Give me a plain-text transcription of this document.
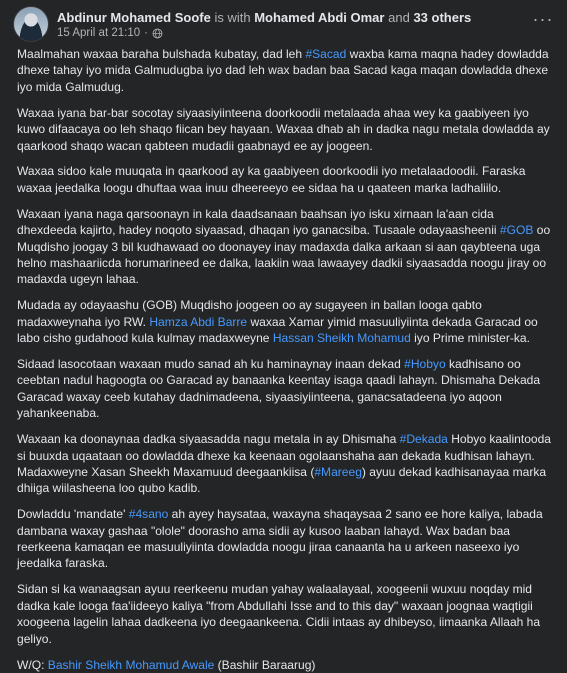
Abdinur Mohamed Soofe is with Mohamed Abdi Omar and 33 others
15 April at 21:10 ·
···

Maalmahan waxaa baraha bulshada kubatay, dad leh #Sacad waxba kama maqna hadey dowladda dhexe tahay iyo mida Galmudugba iyo dad leh wax badan baa Sacad kaga maqan dowladda dhexe iyo mida Galmudug.

Waxaa iyana bar-bar socotay siyaasiyiinteena doorkoodii metalaada ahaa wey ka gaabiyeen iyo kuwo difaacaya oo leh shaqo fiican bey hayaan. Waxaa dhab ah in dadka nagu metala dowladda ay qaarkood shaqo wacan qabteen mudadii gaabnayd ee ay joogeen.

Waxaa sidoo kale muuqata in qaarkood ay ka gaabiyeen doorkoodii iyo metalaadoodii. Faraska waxaa jeedalka loogu dhuftaa waa inuu dheereeyo ee sidaa ha u qaateen marka ladhaliilo.

Waxaan iyana naga qarsoonayn in kala daadsanaan baahsan iyo isku xirnaan la'aan cida dhexdeeda kajirto, hadey noqoto siyaasad, dhaqan iyo ganacsiba. Tusaale odayaasheenii #GOB oo Muqdisho joogay 3 bil kudhawaad oo doonayey inay madaxda dalka arkaan si aan qaybteena uga helno mashaariicda horumarineed ee dalka, laakiin waa lawaayey dadkii siyaasadda noogu jiray oo madaxda ugeyn lahaa.

Mudada ay odayaashu (GOB) Muqdisho joogeen oo ay sugayeen in ballan looga qabto madaxweynaha iyo RW. Hamza Abdi Barre waxaa Xamar yimid masuuliyiinta dekada Garacad oo labo cisho gudahood kula kulmay madaxweyne Hassan Sheikh Mohamud iyo Prime minister-ka.

Sidaad lasocotaan waxaan mudo sanad ah ku haminaynay inaan dekad #Hobyo kadhisano oo ceebtan nadul hagoogta oo Garacad ay banaanka keentay isaga qaadi lahayn. Dhismaha Dekada Garacad waxay ceeb kutahay dadnimadeena, siyaasiyiinteena, ganacsatadeena iyo aqoon yahankeenaba.

Waxaan ka doonaynaa dadka siyaasadda nagu metala in ay Dhismaha #Dekada Hobyo kaalintooda si buuxda uqaataan oo dowladda dhexe ka keenaan ogolaanshaha aan dekada kudhisan lahayn. Madaxweyne Xasan Sheekh Maxamuud deegaankiisa (#Mareeg) ayuu dekad kadhisanayaa marka dhiiga wiilasheena loo qubo kadib.

Dowladdu 'mandate' #4sano ah ayey haysataa, waxayna shaqaysaa 2 sano ee hore kaliya, labada dambana waxay gashaa "olole" doorasho ama sidii ay kusoo laaban lahayd. Wax badan baa reerkeena kamaqan ee masuuliyiinta dowladda noogu jiraa canaanta ha u arkeen naseexo iyo jeedalka faraska.

Sidan si ka wanaagsan ayuu reerkeenu mudan yahay walaalayaal, xoogeenii wuxuu noqday mid dadka kale looga faa'iideeyo kaliya "from Abdullahi Isse and to this day" waxaan joognaa waqtigii xoogeena lagelin lahaa dadkeena iyo deegaankeena. Cidii intaas ay dhibeyso, iimaanka Allaah ha geliyo.

W/Q: Bashir Sheikh Mohamud Awale (Bashiir Baraarug)
